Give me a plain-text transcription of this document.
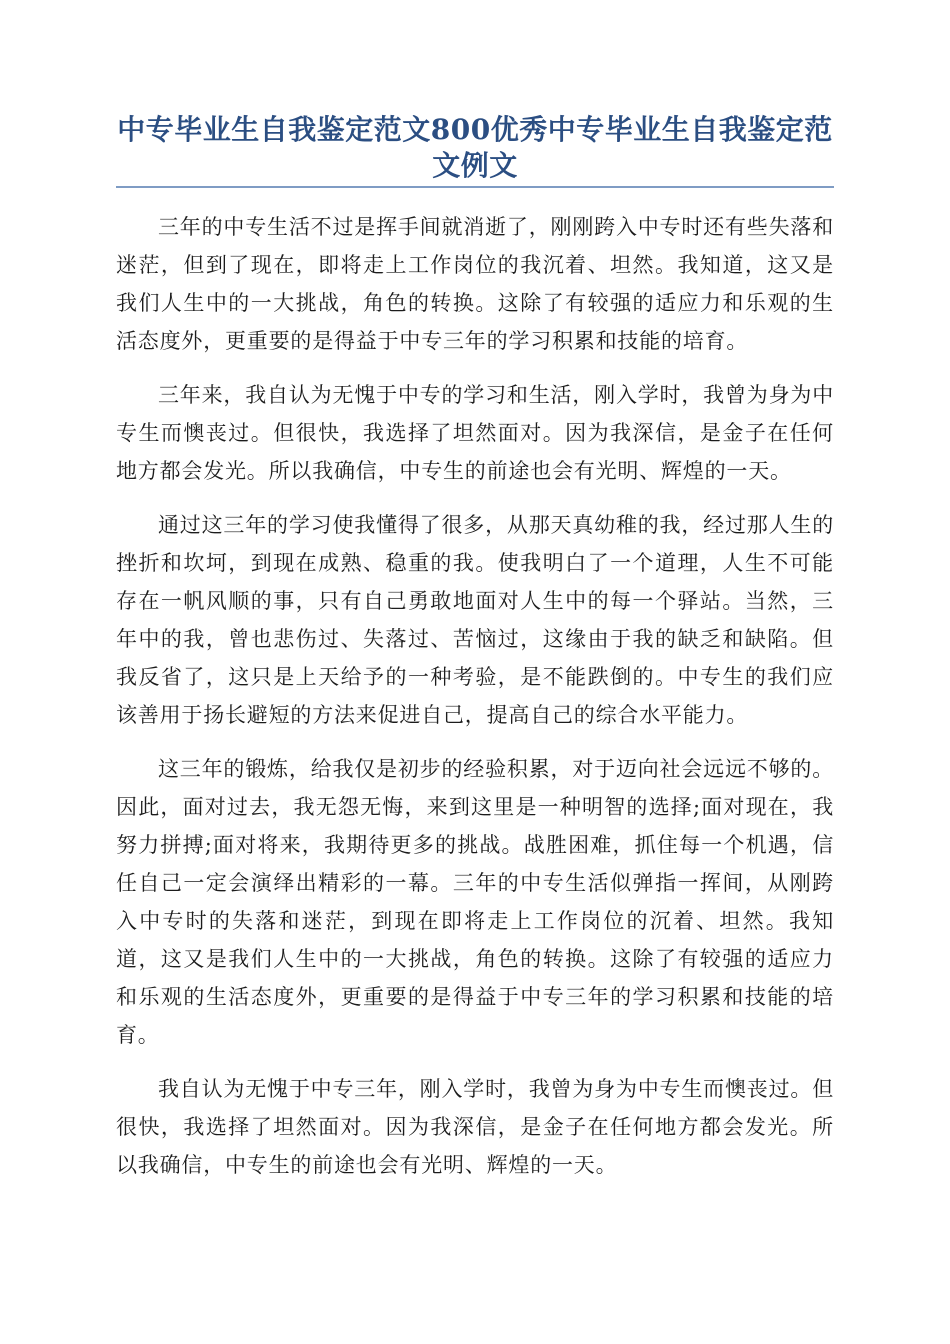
中专毕业生自我鉴定范文800优秀中专毕业生自我鉴定范文例文

三年的中专生活不过是挥手间就消逝了，刚刚跨入中专时还有些失落和迷茫，但到了现在，即将走上工作岗位的我沉着、坦然。我知道，这又是我们人生中的一大挑战，角色的转换。这除了有较强的适应力和乐观的生活态度外，更重要的是得益于中专三年的学习积累和技能的培育。

三年来，我自认为无愧于中专的学习和生活，刚入学时，我曾为身为中专生而懊丧过。但很快，我选择了坦然面对。因为我深信，是金子在任何地方都会发光。所以我确信，中专生的前途也会有光明、辉煌的一天。

通过这三年的学习使我懂得了很多，从那天真幼稚的我，经过那人生的挫折和坎坷，到现在成熟、稳重的我。使我明白了一个道理，人生不可能存在一帆风顺的事，只有自己勇敢地面对人生中的每一个驿站。当然，三年中的我，曾也悲伤过、失落过、苦恼过，这缘由于我的缺乏和缺陷。但我反省了，这只是上天给予的一种考验，是不能跌倒的。中专生的我们应该善用于扬长避短的方法来促进自己，提高自己的综合水平能力。

这三年的锻炼，给我仅是初步的经验积累，对于迈向社会远远不够的。因此，面对过去，我无怨无悔，来到这里是一种明智的选择;面对现在，我努力拼搏;面对将来，我期待更多的挑战。战胜困难，抓住每一个机遇，信任自己一定会演绎出精彩的一幕。三年的中专生活似弹指一挥间，从刚跨入中专时的失落和迷茫，到现在即将走上工作岗位的沉着、坦然。我知道，这又是我们人生中的一大挑战，角色的转换。这除了有较强的适应力和乐观的生活态度外，更重要的是得益于中专三年的学习积累和技能的培育。

我自认为无愧于中专三年，刚入学时，我曾为身为中专生而懊丧过。但很快，我选择了坦然面对。因为我深信，是金子在任何地方都会发光。所以我确信，中专生的前途也会有光明、辉煌的一天。
